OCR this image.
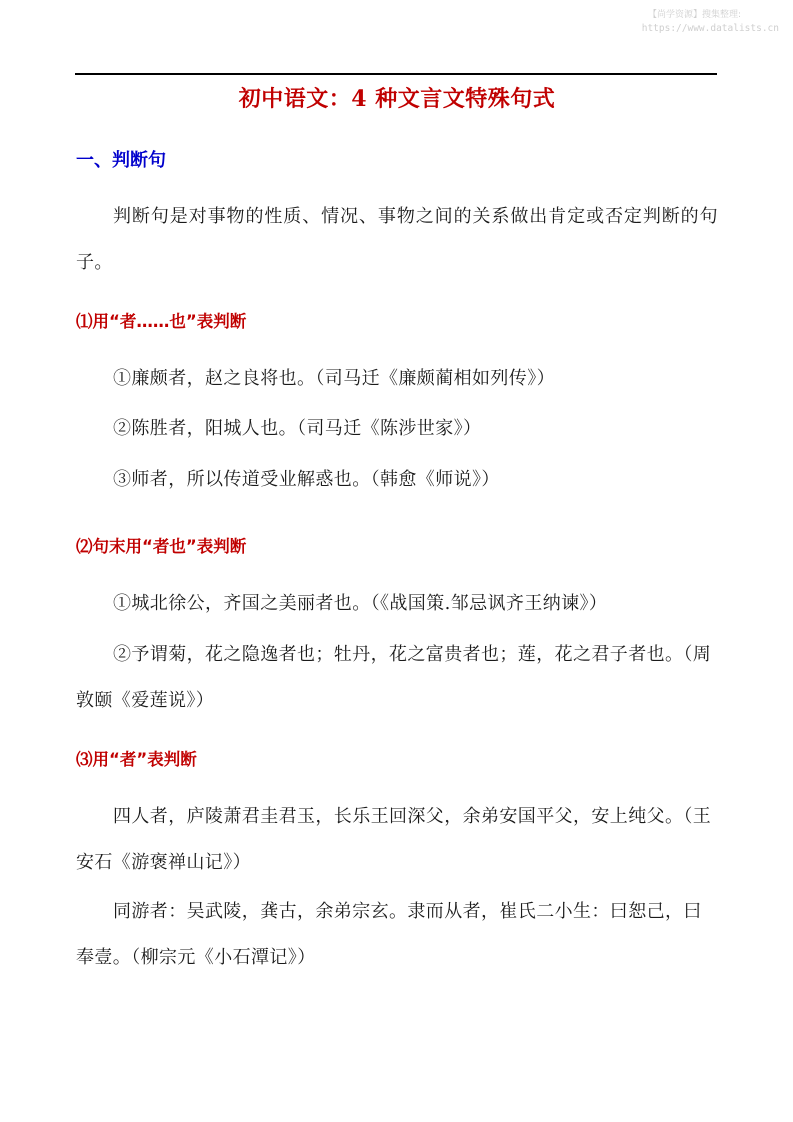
【尚学资源】搜集整理:
https://www.datalists.cn
初中语文：4 种文言文特殊句式
一、判断句

判断句是对事物的性质、情况、事物之间的关系做出肯定或否定判断的句子。

⑴用“者……也”表判断

①廉颇者，赵之良将也。（司马迁《廉颇蔺相如列传》）

②陈胜者，阳城人也。（司马迁《陈涉世家》）

③师者，所以传道受业解惑也。（韩愈《师说》）

⑵句末用“者也”表判断

①城北徐公，齐国之美丽者也。（《战国策.邹忌讽齐王纳谏》）

②予谓菊，花之隐逸者也；牡丹，花之富贵者也；莲，花之君子者也。（周敦颐《爱莲说》）

⑶用“者”表判断

四人者，庐陵萧君圭君玉，长乐王回深父，余弟安国平父，安上纯父。（王安石《游褒禅山记》）

同游者：吴武陵，龚古，余弟宗玄。隶而从者，崔氏二小生：曰恕己，曰奉壹。（柳宗元《小石潭记》）
